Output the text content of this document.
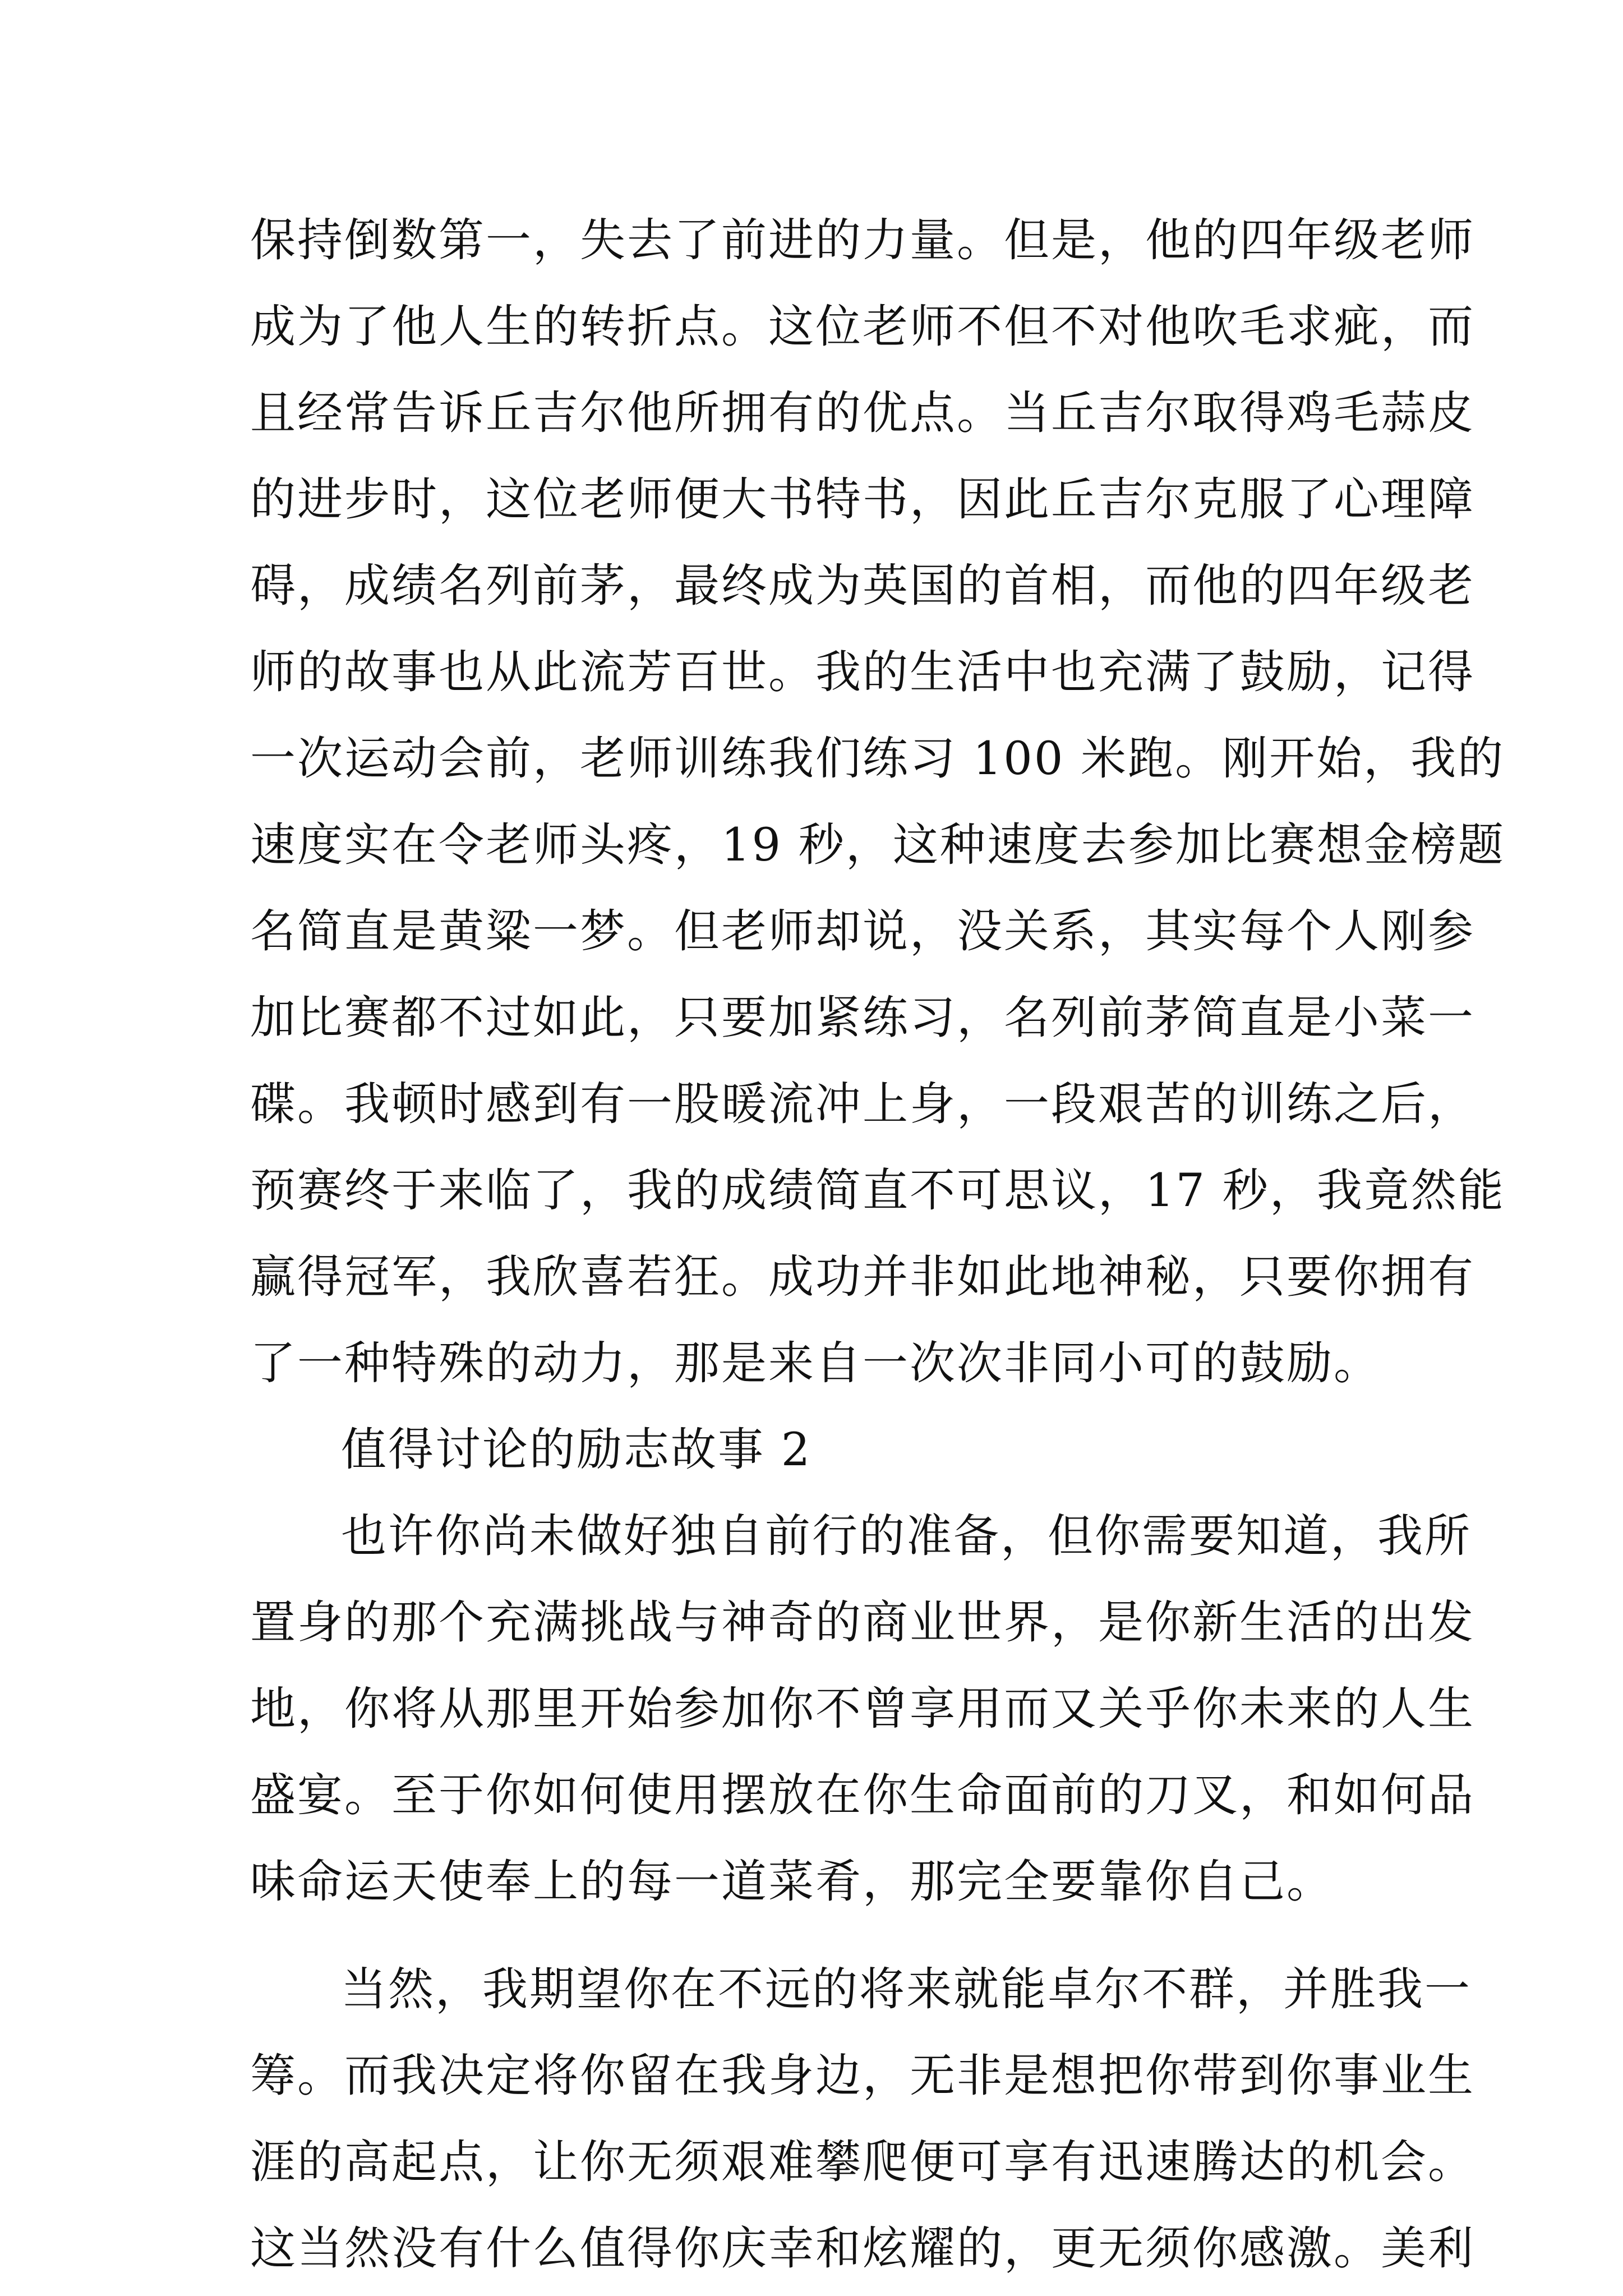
保持倒数第一，失去了前进的力量。但是，他的四年级老师
成为了他人生的转折点。这位老师不但不对他吹毛求疵，而
且经常告诉丘吉尔他所拥有的优点。当丘吉尔取得鸡毛蒜皮
的进步时，这位老师便大书特书，因此丘吉尔克服了心理障
碍，成绩名列前茅，最终成为英国的首相，而他的四年级老
师的故事也从此流芳百世。我的生活中也充满了鼓励，记得
一次运动会前，老师训练我们练习 100 米跑。刚开始，我的
速度实在令老师头疼，19 秒，这种速度去参加比赛想金榜题
名简直是黄粱一梦。但老师却说，没关系，其实每个人刚参
加比赛都不过如此，只要加紧练习，名列前茅简直是小菜一
碟。我顿时感到有一股暖流冲上身，一段艰苦的训练之后，
预赛终于来临了，我的成绩简直不可思议，17 秒，我竟然能
赢得冠军，我欣喜若狂。成功并非如此地神秘，只要你拥有
了一种特殊的动力，那是来自一次次非同小可的鼓励。
值得讨论的励志故事 2
也许你尚未做好独自前行的准备，但你需要知道，我所
置身的那个充满挑战与神奇的商业世界，是你新生活的出发
地，你将从那里开始参加你不曾享用而又关乎你未来的人生
盛宴。至于你如何使用摆放在你生命面前的刀叉，和如何品
味命运天使奉上的每一道菜肴，那完全要靠你自己。
当然，我期望你在不远的将来就能卓尔不群，并胜我一
筹。而我决定将你留在我身边，无非是想把你带到你事业生
涯的高起点，让你无须艰难攀爬便可享有迅速腾达的机会。
这当然没有什么值得你庆幸和炫耀的，更无须你感激。美利
